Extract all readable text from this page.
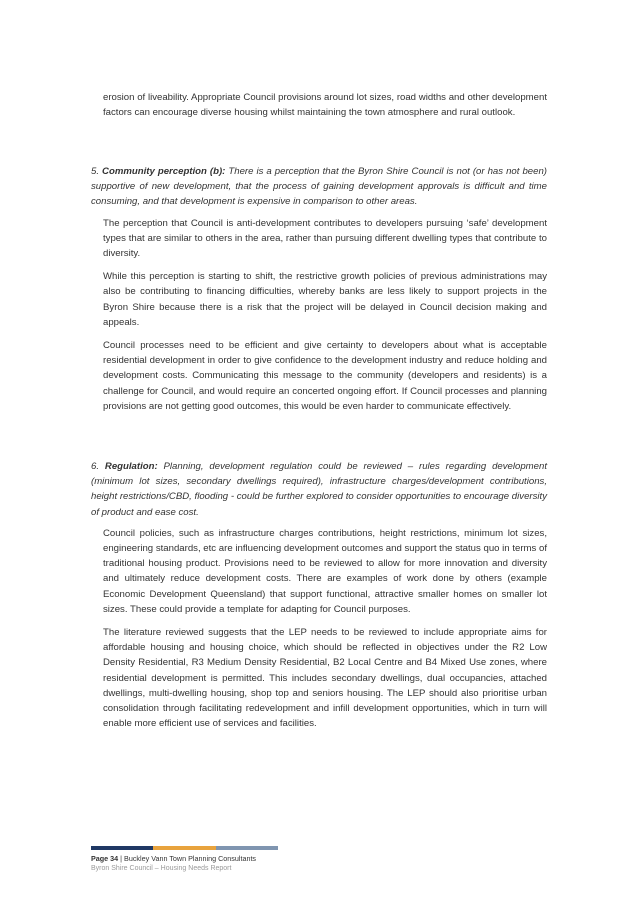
erosion of liveability. Appropriate Council provisions around lot sizes, road widths and other development factors can encourage diverse housing whilst maintaining the town atmosphere and rural outlook.

5. Community perception (b): There is a perception that the Byron Shire Council is not (or has not been) supportive of new development, that the process of gaining development approvals is difficult and time consuming, and that development is expensive in comparison to other areas.

The perception that Council is anti-development contributes to developers pursuing ‘safe’ development types that are similar to others in the area, rather than pursuing different dwelling types that contribute to diversity.

While this perception is starting to shift, the restrictive growth policies of previous administrations may also be contributing to financing difficulties, whereby banks are less likely to support projects in the Byron Shire because there is a risk that the project will be delayed in Council decision making and appeals.

Council processes need to be efficient and give certainty to developers about what is acceptable residential development in order to give confidence to the development industry and reduce holding and development costs. Communicating this message to the community (developers and residents) is a challenge for Council, and would require an concerted ongoing effort. If Council processes and planning provisions are not getting good outcomes, this would be even harder to communicate effectively.

6. Regulation: Planning, development regulation could be reviewed – rules regarding development (minimum lot sizes, secondary dwellings required), infrastructure charges/development contributions, height restrictions/CBD, flooding - could be further explored to consider opportunities to encourage diversity of product and ease cost.

Council policies, such as infrastructure charges contributions, height restrictions, minimum lot sizes, engineering standards, etc are influencing development outcomes and support the status quo in terms of traditional housing product. Provisions need to be reviewed to allow for more innovation and diversity and ultimately reduce development costs. There are examples of work done by others (example Economic Development Queensland) that support functional, attractive smaller homes on smaller lot sizes. These could provide a template for adapting for Council purposes.

The literature reviewed suggests that the LEP needs to be reviewed to include appropriate aims for affordable housing and housing choice, which should be reflected in objectives under the R2 Low Density Residential, R3 Medium Density Residential, B2 Local Centre and B4 Mixed Use zones, where residential development is permitted. This includes secondary dwellings, dual occupancies, attached dwellings, multi-dwelling housing, shop top and seniors housing. The LEP should also prioritise urban consolidation through facilitating redevelopment and infill development opportunities, which in turn will enable more efficient use of services and facilities.

Page 34 | Buckley Vann Town Planning Consultants
Byron Shire Council – Housing Needs Report
